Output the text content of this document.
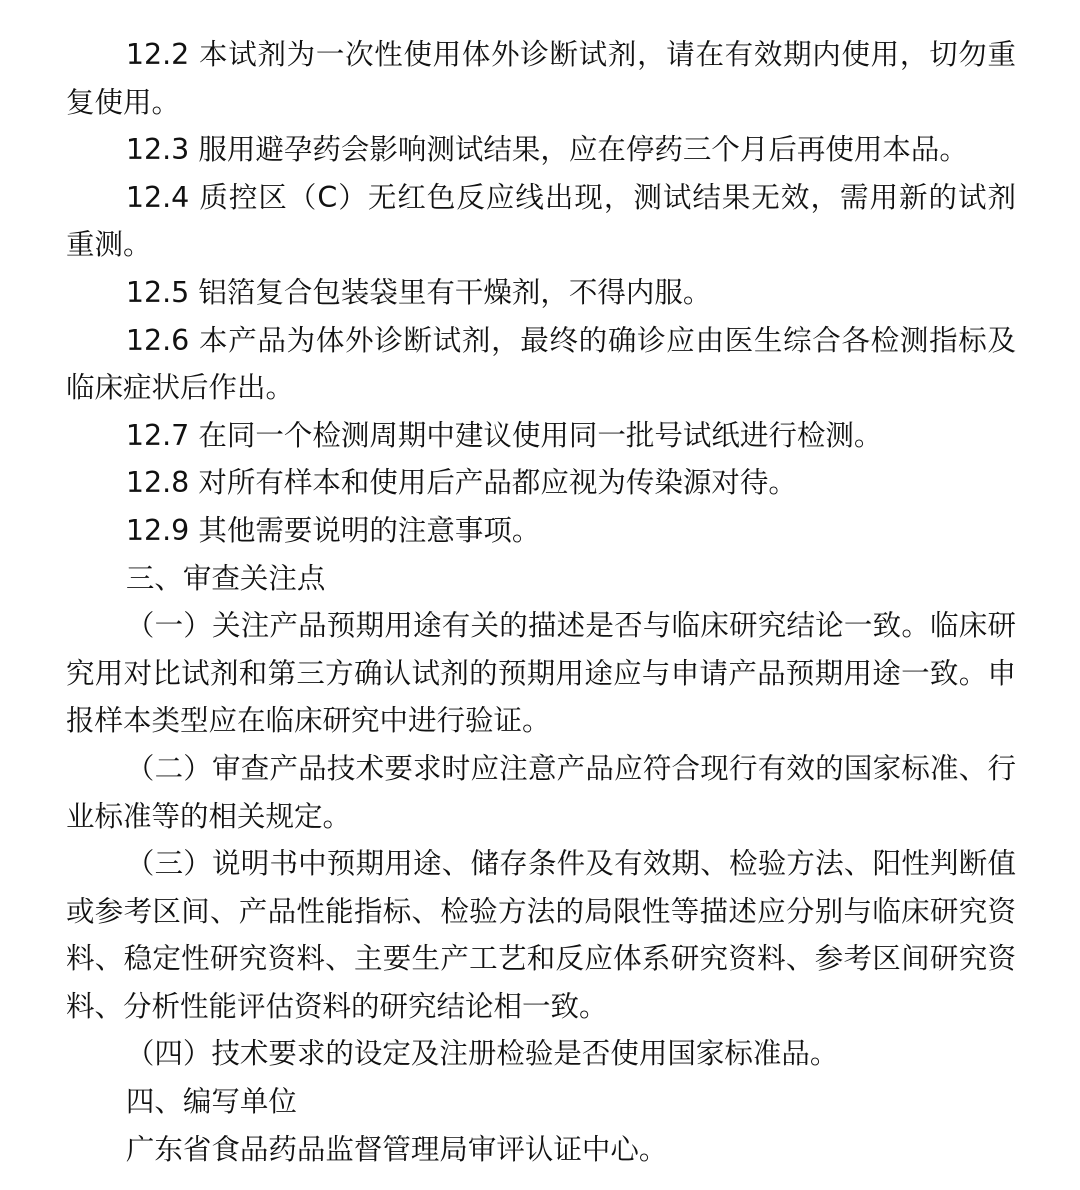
12.2 本试剂为一次性使用体外诊断试剂，请在有效期内使用，切勿重复使用。

12.3 服用避孕药会影响测试结果，应在停药三个月后再使用本品。

12.4 质控区（C）无红色反应线出现，测试结果无效，需用新的试剂重测。

12.5 铝箔复合包装袋里有干燥剂，不得内服。

12.6 本产品为体外诊断试剂，最终的确诊应由医生综合各检测指标及临床症状后作出。

12.7 在同一个检测周期中建议使用同一批号试纸进行检测。

12.8 对所有样本和使用后产品都应视为传染源对待。

12.9 其他需要说明的注意事项。

三、审查关注点

（一）关注产品预期用途有关的描述是否与临床研究结论一致。临床研究用对比试剂和第三方确认试剂的预期用途应与申请产品预期用途一致。申报样本类型应在临床研究中进行验证。

（二）审查产品技术要求时应注意产品应符合现行有效的国家标准、行业标准等的相关规定。

（三）说明书中预期用途、储存条件及有效期、检验方法、阳性判断值或参考区间、产品性能指标、检验方法的局限性等描述应分别与临床研究资料、稳定性研究资料、主要生产工艺和反应体系研究资料、参考区间研究资料、分析性能评估资料的研究结论相一致。

（四）技术要求的设定及注册检验是否使用国家标准品。

四、编写单位

广东省食品药品监督管理局审评认证中心。
